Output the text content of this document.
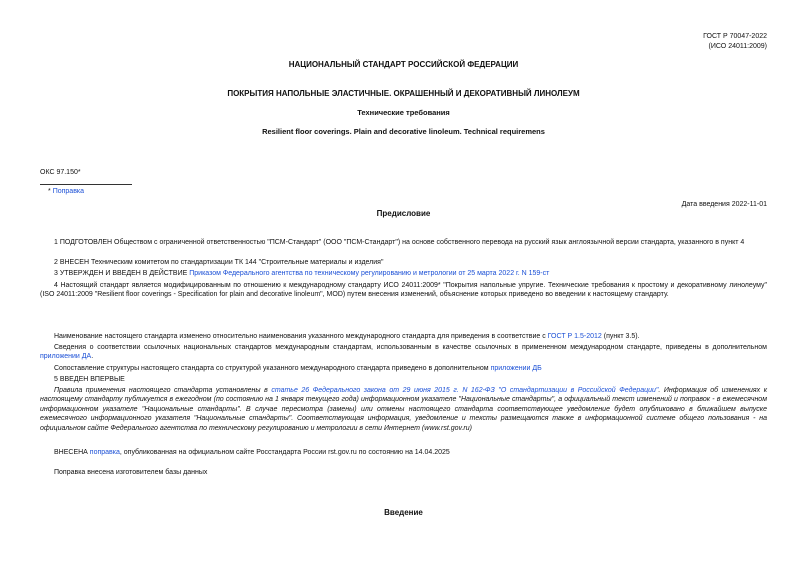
ГОСТ Р 70047-2022
(ИСО 24011:2009)
НАЦИОНАЛЬНЫЙ СТАНДАРТ РОССИЙСКОЙ ФЕДЕРАЦИИ
ПОКРЫТИЯ НАПОЛЬНЫЕ ЭЛАСТИЧНЫЕ. ОКРАШЕННЫЙ И ДЕКОРАТИВНЫЙ ЛИНОЛЕУМ
Технические требования
Resilient floor coverings. Plain and decorative linoleum. Technical requiremens
ОКС 97.150*
* Поправка
Дата введения 2022-11-01
Предисловие
1 ПОДГОТОВЛЕН Обществом с ограниченной ответственностью "ПСМ-Стандарт" (ООО "ПСМ-Стандарт") на основе собственного перевода на русский язык англоязычной версии стандарта, указанного в пункт 4
2 ВНЕСЕН Техническим комитетом по стандартизации ТК 144 "Строительные материалы и изделия"
3 УТВЕРЖДЕН И ВВЕДЕН В ДЕЙСТВИЕ Приказом Федерального агентства по техническому регулированию и метрологии от 25 марта 2022 г. N 159-ст
4 Настоящий стандарт является модифицированным по отношению к международному стандарту ИСО 24011:2009* "Покрытия напольные упругие. Технические требования к простому и декоративному линолеуму" (ISO 24011:2009 "Resilient floor coverings - Specification for plain and decorative linoleum", MOD) путем внесения изменений, объяснение которых приведено во введении к настоящему стандарту.
Наименование настоящего стандарта изменено относительно наименования указанного международного стандарта для приведения в соответствие с ГОСТ Р 1.5-2012 (пункт 3.5).
Сведения о соответствии ссылочных национальных стандартов международным стандартам, использованным в качестве ссылочных в примененном международном стандарте, приведены в дополнительном приложении ДА.
Сопоставление структуры настоящего стандарта со структурой указанного международного стандарта приведено в дополнительном приложении ДБ
5 ВВЕДЕН ВПЕРВЫЕ
Правила применения настоящего стандарта установлены в статье 26 Федерального закона от 29 июня 2015 г. N 162-ФЗ "О стандартизации в Российской Федерации". Информация об изменениях к настоящему стандарту публикуется в ежегодном (по состоянию на 1 января текущего года) информационном указателе "Национальные стандарты", а официальный текст изменений и поправок - в ежемесячном информационном указателе "Национальные стандарты". В случае пересмотра (замены) или отмены настоящего стандарта соответствующее уведомление будет опубликовано в ближайшем выпуске ежемесячного информационного указателя "Национальные стандарты". Соответствующая информация, уведомление и тексты размещаются также в информационной системе общего пользования - на официальном сайте Федерального агентства по техническому регулированию и метрологии в сети Интернет (www.rst.gov.ru)
ВНЕСЕНА поправка, опубликованная на официальном сайте Росстандарта России rst.gov.ru по состоянию на 14.04.2025
Поправка внесена изготовителем базы данных
Введение
